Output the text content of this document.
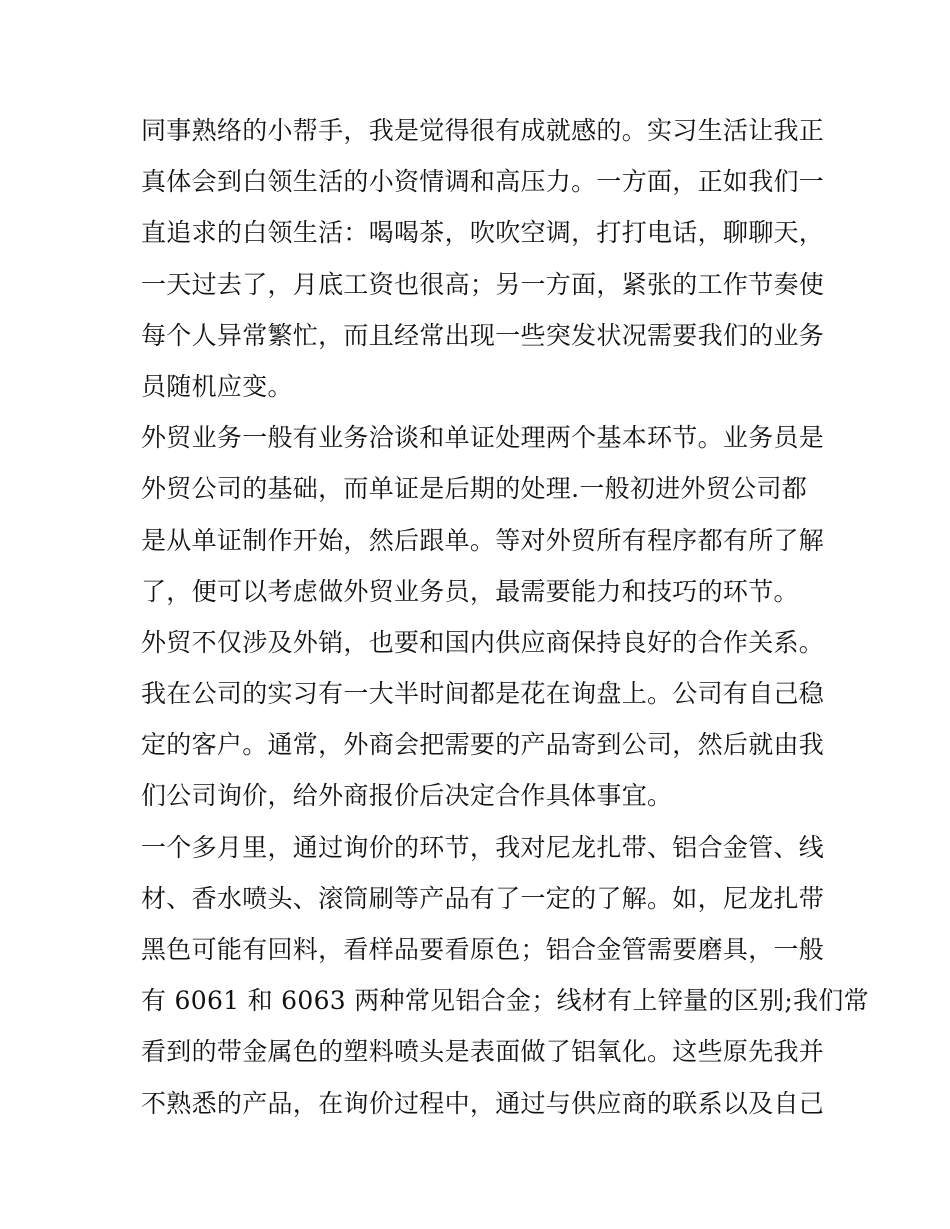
同事熟络的小帮手，我是觉得很有成就感的。实习生活让我正
真体会到白领生活的小资情调和高压力。一方面，正如我们一
直追求的白领生活：喝喝茶，吹吹空调，打打电话，聊聊天，
一天过去了，月底工资也很高；另一方面，紧张的工作节奏使
每个人异常繁忙，而且经常出现一些突发状况需要我们的业务
员随机应变。
外贸业务一般有业务洽谈和单证处理两个基本环节。业务员是
外贸公司的基础，而单证是后期的处理.一般初进外贸公司都
是从单证制作开始，然后跟单。等对外贸所有程序都有所了解
了，便可以考虑做外贸业务员，最需要能力和技巧的环节。
外贸不仅涉及外销，也要和国内供应商保持良好的合作关系。
我在公司的实习有一大半时间都是花在询盘上。公司有自己稳
定的客户。通常，外商会把需要的产品寄到公司，然后就由我
们公司询价，给外商报价后决定合作具体事宜。
一个多月里，通过询价的环节，我对尼龙扎带、铝合金管、线
材、香水喷头、滚筒刷等产品有了一定的了解。如，尼龙扎带
黑色可能有回料，看样品要看原色；铝合金管需要磨具，一般
有 6061 和 6063 两种常见铝合金；线材有上锌量的区别;我们常
看到的带金属色的塑料喷头是表面做了铝氧化。这些原先我并
不熟悉的产品，在询价过程中，通过与供应商的联系以及自己
